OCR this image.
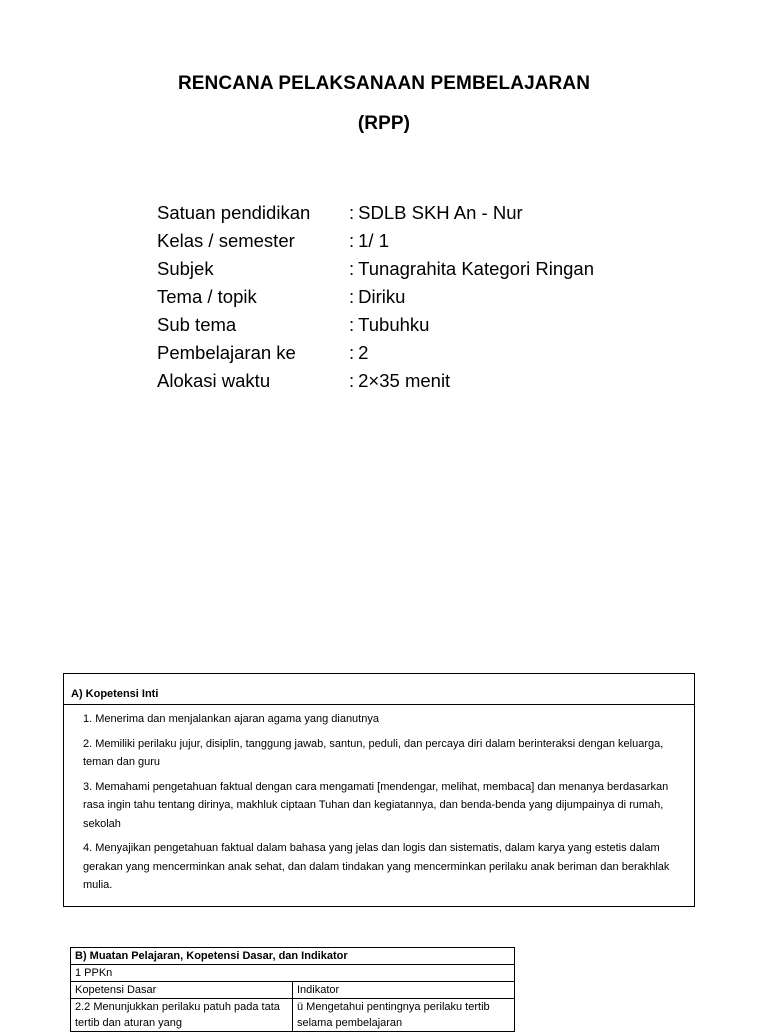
RENCANA PELAKSANAAN PEMBELAJARAN
(RPP)
Satuan pendidikan : SDLB SKH An - Nur
Kelas / semester	: 1/ 1
Subjek	: Tunagrahita Kategori Ringan
Tema / topik	: Diriku
Sub tema	: Tubuhku
Pembelajaran ke	: 2
Alokasi waktu	: 2×35 menit
A) Kopetensi Inti
1. Menerima dan menjalankan ajaran agama yang dianutnya
2. Memiliki perilaku jujur, disiplin, tanggung jawab, santun, peduli, dan percaya diri dalam berinteraksi dengan keluarga, teman dan guru
3. Memahami pengetahuan faktual dengan cara mengamati [mendengar, melihat, membaca] dan menanya berdasarkan rasa ingin tahu tentang dirinya, makhluk ciptaan Tuhan dan kegiatannya, dan benda-benda yang dijumpainya di rumah, sekolah
4. Menyajikan pengetahuan faktual dalam bahasa yang jelas dan logis dan sistematis, dalam karya yang estetis dalam gerakan yang mencerminkan anak sehat, dan dalam tindakan yang mencerminkan perilaku anak beriman dan berakhlak mulia.
B) Muatan Pelajaran, Kopetensi Dasar, dan Indikator	
1 PPKn	
Kopetensi Dasar	Indikator
2.2 Menunjukkan perilaku patuh pada tata tertib dan aturan yang	ü Mengetahui pentingnya perilaku tertib selama pembelajaran
